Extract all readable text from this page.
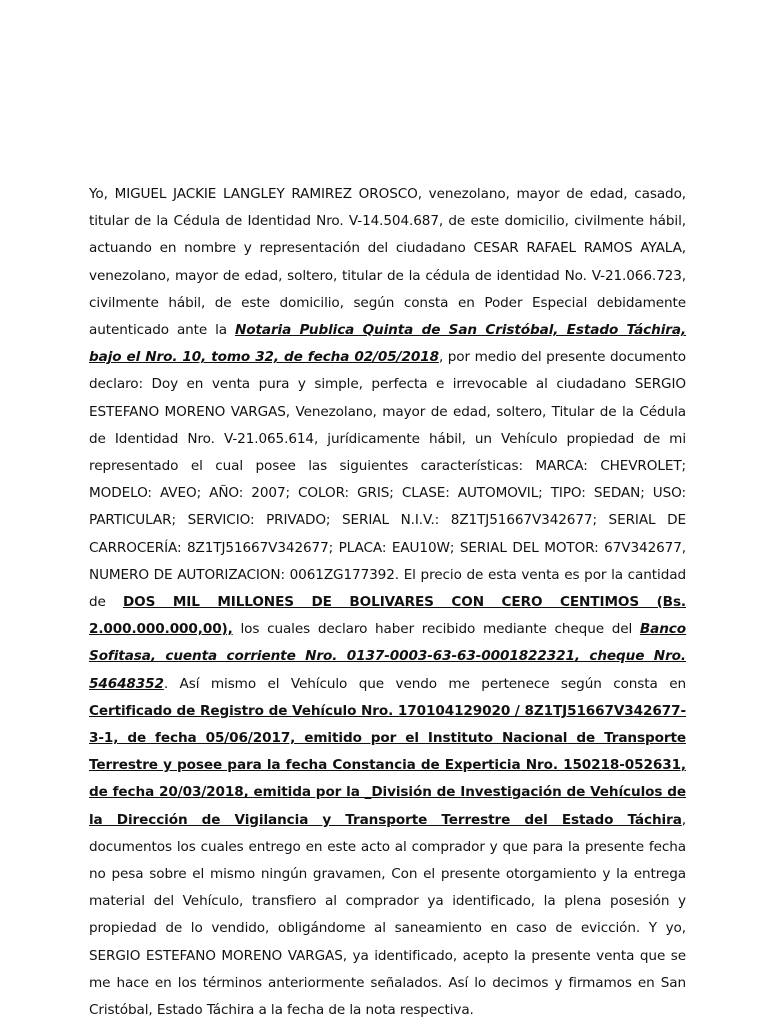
Yo, MIGUEL JACKIE LANGLEY RAMIREZ OROSCO, venezolano, mayor de edad, casado, titular de la Cédula de Identidad Nro. V-14.504.687, de este domicilio, civilmente hábil, actuando en nombre y representación del ciudadano CESAR RAFAEL RAMOS AYALA, venezolano, mayor de edad, soltero, titular de la cédula de identidad No. V-21.066.723, civilmente hábil, de este domicilio, según consta en Poder Especial debidamente autenticado ante la Notaria Publica Quinta de San Cristóbal, Estado Táchira, bajo el Nro. 10, tomo 32, de fecha 02/05/2018, por medio del presente documento declaro: Doy en venta pura y simple, perfecta e irrevocable al ciudadano SERGIO ESTEFANO MORENO VARGAS, Venezolano, mayor de edad, soltero, Titular de la Cédula de Identidad Nro. V-21.065.614, jurídicamente hábil, un Vehículo propiedad de mi representado el cual posee las siguientes características: MARCA: CHEVROLET; MODELO: AVEO; AÑO: 2007; COLOR: GRIS; CLASE: AUTOMOVIL; TIPO: SEDAN; USO: PARTICULAR; SERVICIO: PRIVADO; SERIAL N.I.V.: 8Z1TJ51667V342677; SERIAL DE CARROCERÍA: 8Z1TJ51667V342677; PLACA: EAU10W; SERIAL DEL MOTOR: 67V342677, NUMERO DE AUTORIZACION: 0061ZG177392. El precio de esta venta es por la cantidad de DOS MIL MILLONES DE BOLIVARES CON CERO CENTIMOS (Bs. 2.000.000.000,00), los cuales declaro haber recibido mediante cheque del Banco Sofitasa, cuenta corriente Nro. 0137-0003-63-63-0001822321, cheque Nro. 54648352. Así mismo el Vehículo que vendo me pertenece según consta en Certificado de Registro de Vehículo Nro. 170104129020 / 8Z1TJ51667V342677-3-1, de fecha 05/06/2017, emitido por el Instituto Nacional de Transporte Terrestre y posee para la fecha Constancia de Experticia Nro. 150218-052631, de fecha 20/03/2018, emitida por la _División de Investigación de Vehículos de la Dirección de Vigilancia y Transporte Terrestre del Estado Táchira, documentos los cuales entrego en este acto al comprador y que para la presente fecha no pesa sobre el mismo ningún gravamen, Con el presente otorgamiento y la entrega material del Vehículo, transfiero al comprador ya identificado, la plena posesión y propiedad de lo vendido, obligándome al saneamiento en caso de evicción. Y yo, SERGIO ESTEFANO MORENO VARGAS, ya identificado, acepto la presente venta que se me hace en los términos anteriormente señalados. Así lo decimos y firmamos en San Cristóbal, Estado Táchira a la fecha de la nota respectiva.
